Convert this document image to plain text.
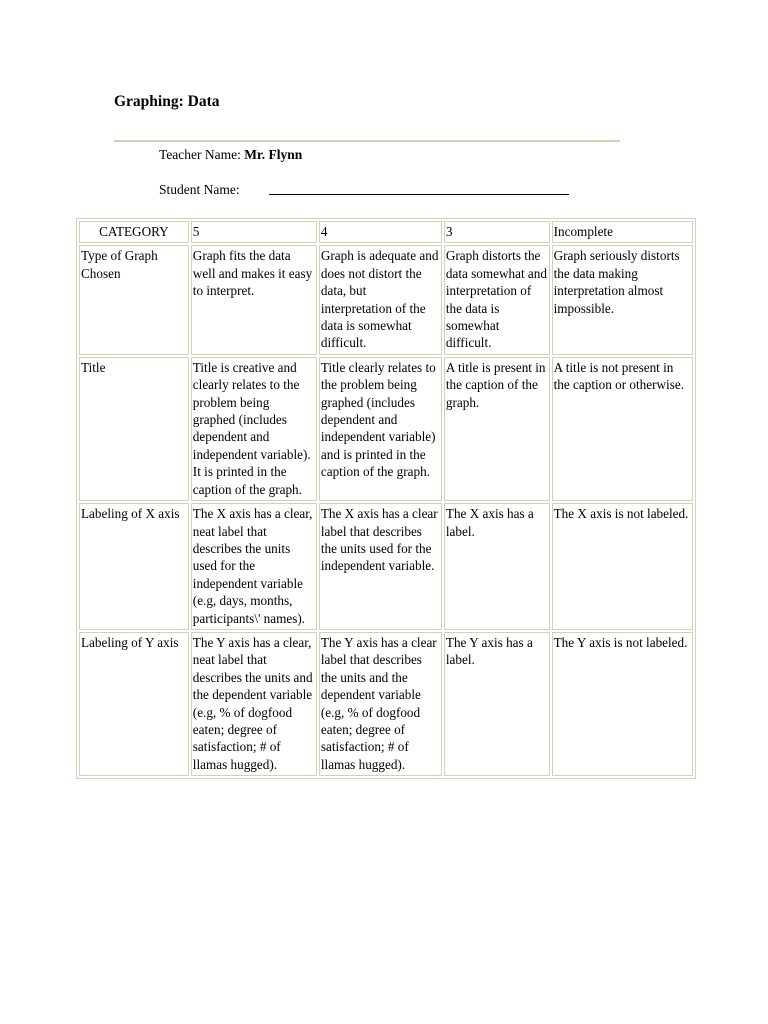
Graphing: Data
Teacher Name: Mr. Flynn
Student Name:
CATEGORY	5	4	3	Incomplete
Type of Graph Chosen	Graph fits the data well and makes it easy to interpret.	Graph is adequate and does not distort the data, but interpretation of the data is somewhat difficult.	Graph distorts the data somewhat and interpretation of the data is somewhat difficult.	Graph seriously distorts the data making interpretation almost impossible.
Title	Title is creative and clearly relates to the problem being graphed (includes dependent and independent variable). It is printed in the caption of the graph.	Title clearly relates to the problem being graphed (includes dependent and independent variable) and is printed in the caption of the graph.	A title is present in the caption of the graph.	A title is not present in the caption or otherwise.
Labeling of X axis	The X axis has a clear, neat label that describes the units used for the independent variable (e.g, days, months, participants\' names).	The X axis has a clear label that describes the units used for the independent variable.	The X axis has a label.	The X axis is not labeled.
Labeling of Y axis	The Y axis has a clear, neat label that describes the units and the dependent variable (e.g, % of dogfood eaten; degree of satisfaction; # of llamas hugged).	The Y axis has a clear label that describes the units and the dependent variable (e.g, % of dogfood eaten; degree of satisfaction; # of llamas hugged).	The Y axis has a label.	The Y axis is not labeled.
